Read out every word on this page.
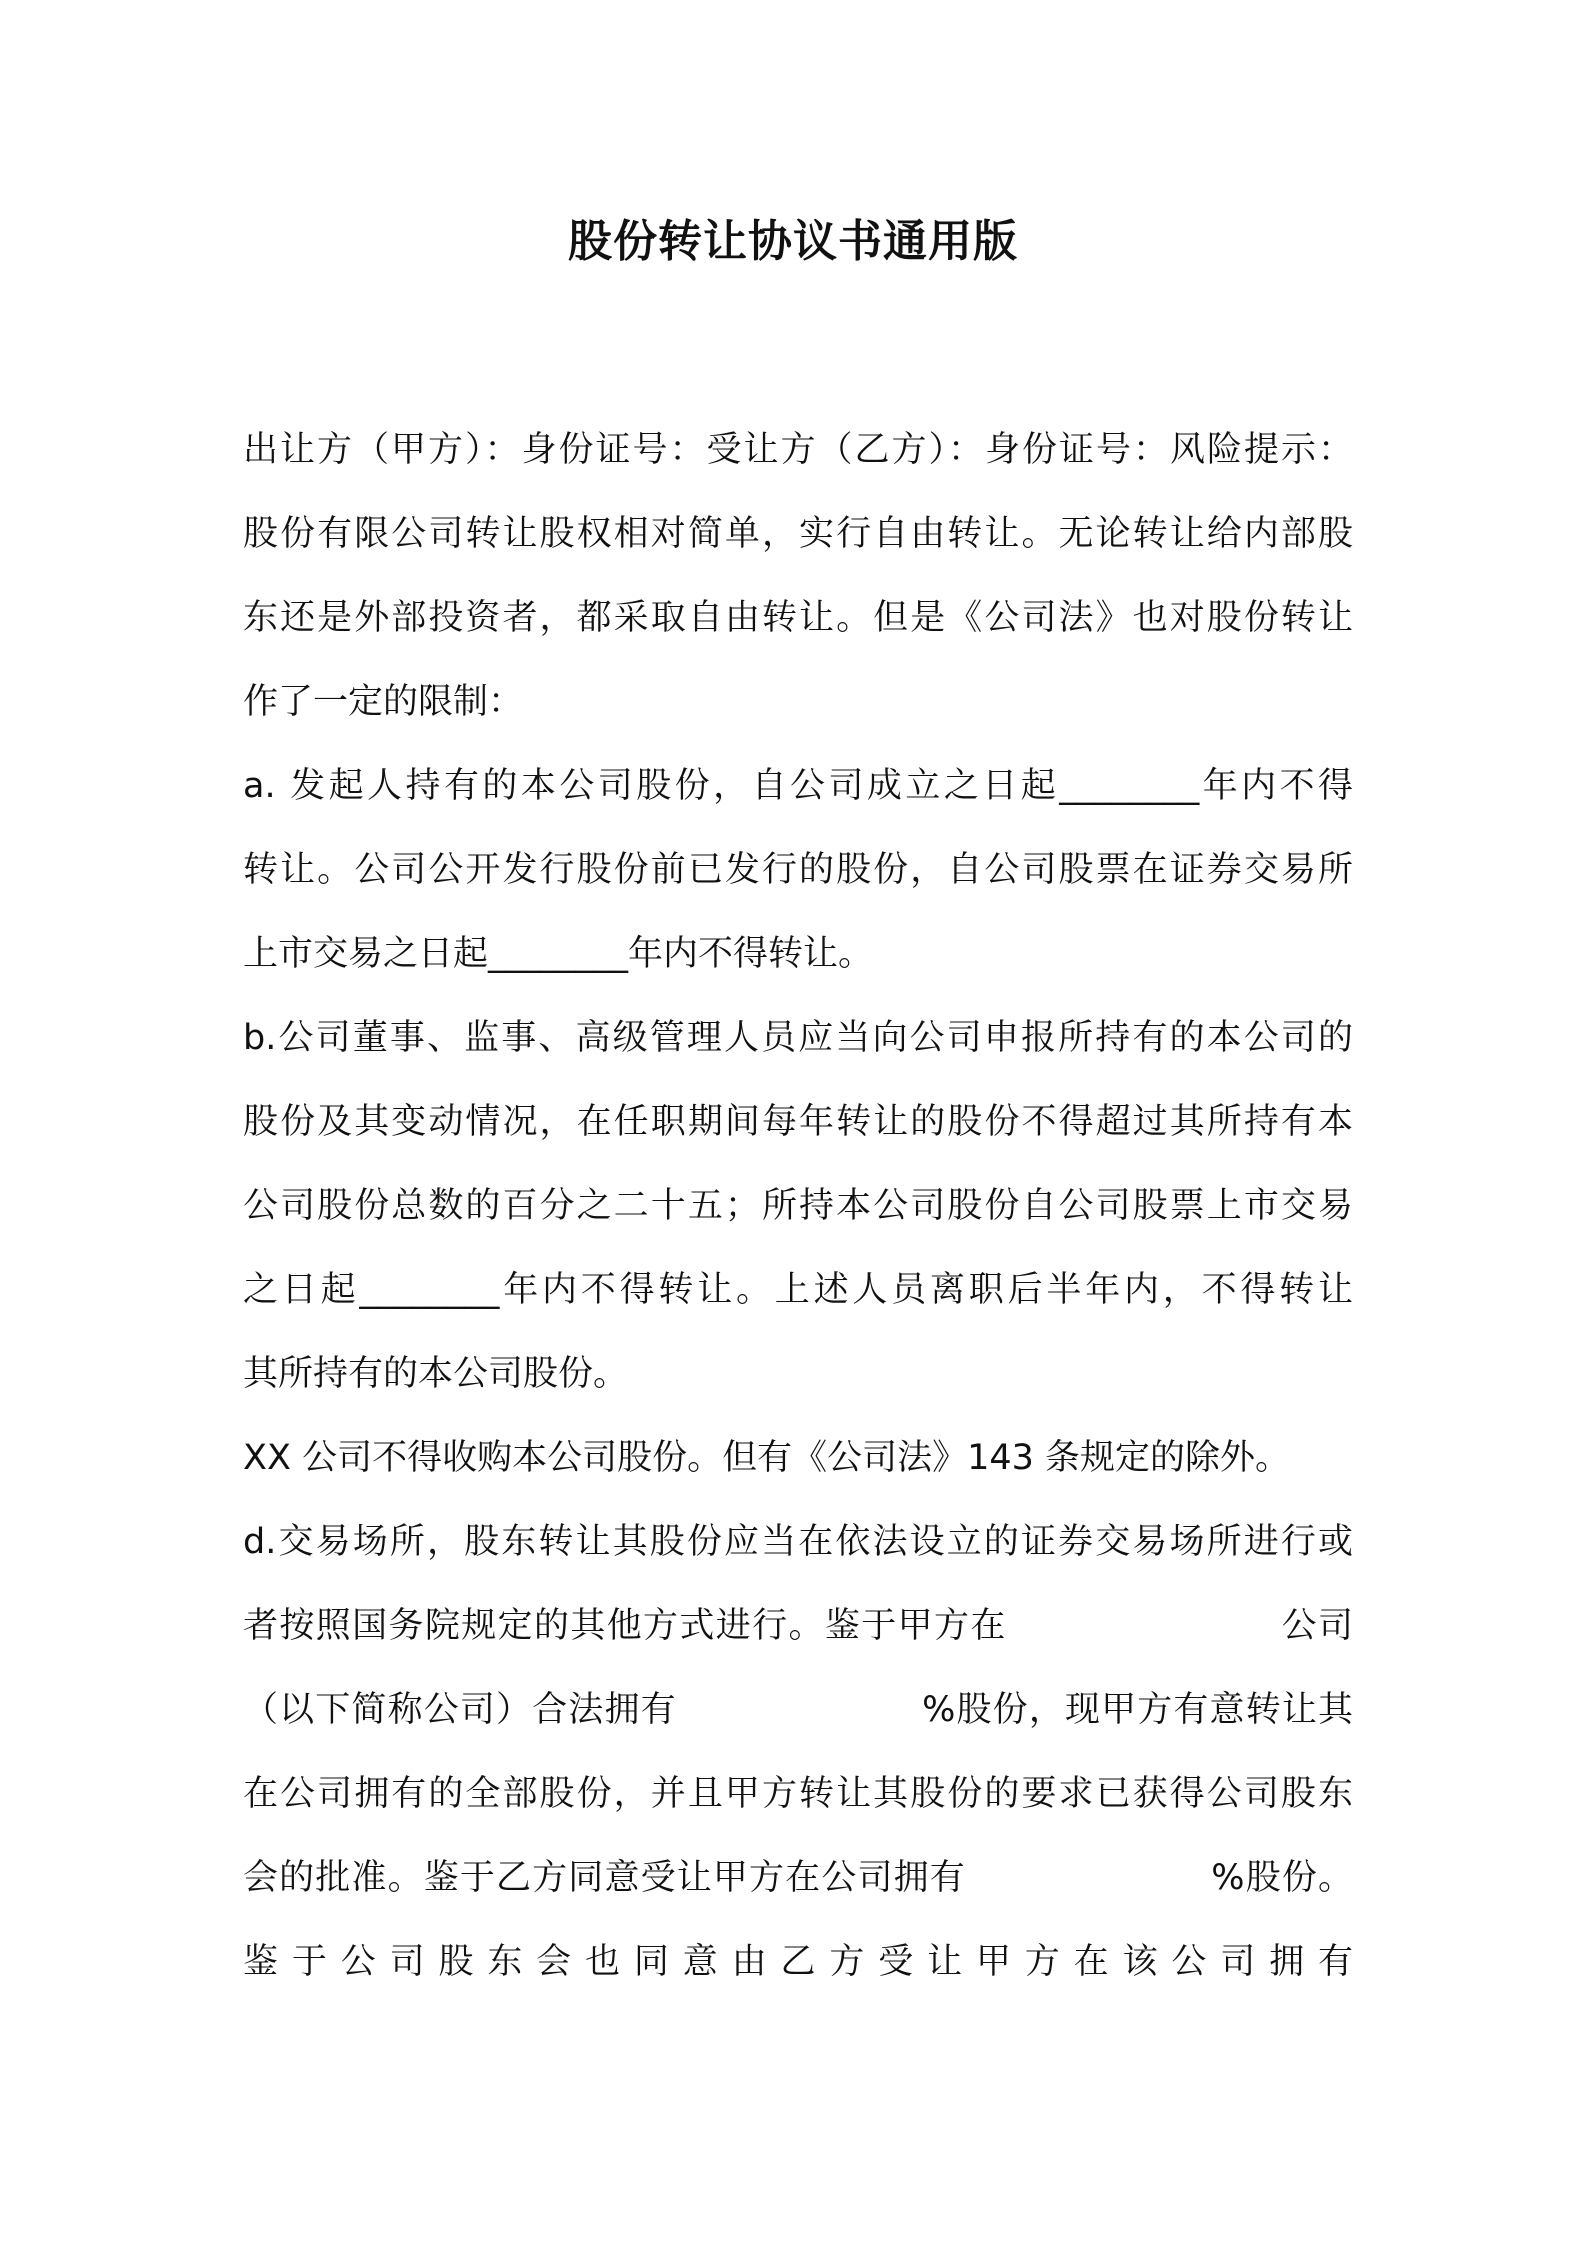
股份转让协议书通用版
出让方（甲方）：身份证号：受让方（乙方）：身份证号：风险提示：
股份有限公司转让股权相对简单，实行自由转让。无论转让给内部股
东还是外部投资者，都采取自由转让。但是《公司法》也对股份转让
作了一定的限制：
a. 发起人持有的本公司股份，自公司成立之日起________年内不得
转让。公司公开发行股份前已发行的股份，自公司股票在证券交易所
上市交易之日起________年内不得转让。
b.公司董事、监事、高级管理人员应当向公司申报所持有的本公司的
股份及其变动情况，在任职期间每年转让的股份不得超过其所持有本
公司股份总数的百分之二十五；所持本公司股份自公司股票上市交易
之日起________年内不得转让。上述人员离职后半年内，不得转让
其所持有的本公司股份。
XX 公司不得收购本公司股份。但有《公司法》143 条规定的除外。
d.交易场所，股东转让其股份应当在依法设立的证券交易场所进行或
者按照国务院规定的其他方式进行。鉴于甲方在                      公司
（以下简称公司）合法拥有                    %股份，现甲方有意转让其
在公司拥有的全部股份，并且甲方转让其股份的要求已获得公司股东
会的批准。鉴于乙方同意受让甲方在公司拥有                    %股份。
鉴于公司股东会也同意由乙方受让甲方在该公司拥有
